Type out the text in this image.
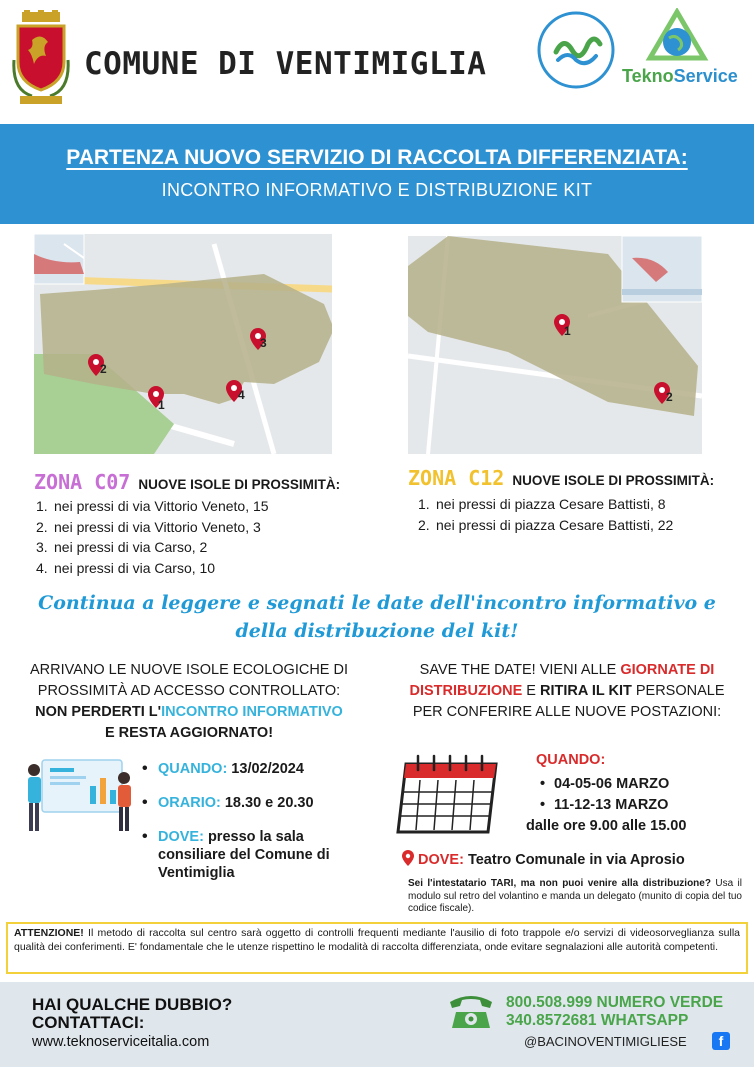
COMUNE DI VENTIMIGLIA	TeknoService
PARTENZA NUOVO SERVIZIO DI RACCOLTA DIFFERENZIATA:
INCONTRO INFORMATIVO E DISTRIBUZIONE KIT
2
1
3
4
1
2
ZONA C07 NUOVE ISOLE DI PROSSIMITÀ:
1. nei pressi di via Vittorio Veneto, 15
2. nei pressi di via Vittorio Veneto, 3
3. nei pressi di via Carso, 2
4. nei pressi di via Carso, 10
ZONA C12 NUOVE ISOLE DI PROSSIMITÀ:
1. nei pressi di piazza Cesare Battisti, 8
2. nei pressi di piazza Cesare Battisti, 22
Continua a leggere e segnati le date dell'incontro informativo e
della distribuzione del kit!
ARRIVANO LE NUOVE ISOLE ECOLOGICHE DI
PROSSIMITÀ AD ACCESSO CONTROLLATO:
NON PERDERTI L'INCONTRO INFORMATIVO
E RESTA AGGIORNATO!
• QUANDO: 13/02/2024
• ORARIO: 18.30 e 20.30
• DOVE: presso la sala consiliare del Comune di Ventimiglia
SAVE THE DATE! VIENI ALLE GIORNATE DI DISTRIBUZIONE E RITIRA IL KIT PERSONALE PER CONFERIRE ALLE NUOVE POSTAZIONI:
QUANDO:
• 04-05-06 MARZO
• 11-12-13 MARZO
dalle ore 9.00 alle 15.00
DOVE: Teatro Comunale in via Aprosio
Sei l'intestatario TARI, ma non puoi venire alla distribuzione? Usa il modulo sul retro del volantino e manda un delegato (munito di copia del tuo codice fiscale).
ATTENZIONE! Il metodo di raccolta sul centro sarà oggetto di controlli frequenti mediante l'ausilio di foto trappole e/o servizi di videosorveglianza sulla qualità dei conferimenti. E' fondamentale che le utenze rispettino le modalità di raccolta differenziata, onde evitare segnalazioni alle autorità competenti.
HAI QUALCHE DUBBIO?
CONTATTACI:
www.teknoserviceitalia.com
800.508.999 NUMERO VERDE
340.8572681 WHATSAPP
@BACINOVENTIMIGLIESE	f
